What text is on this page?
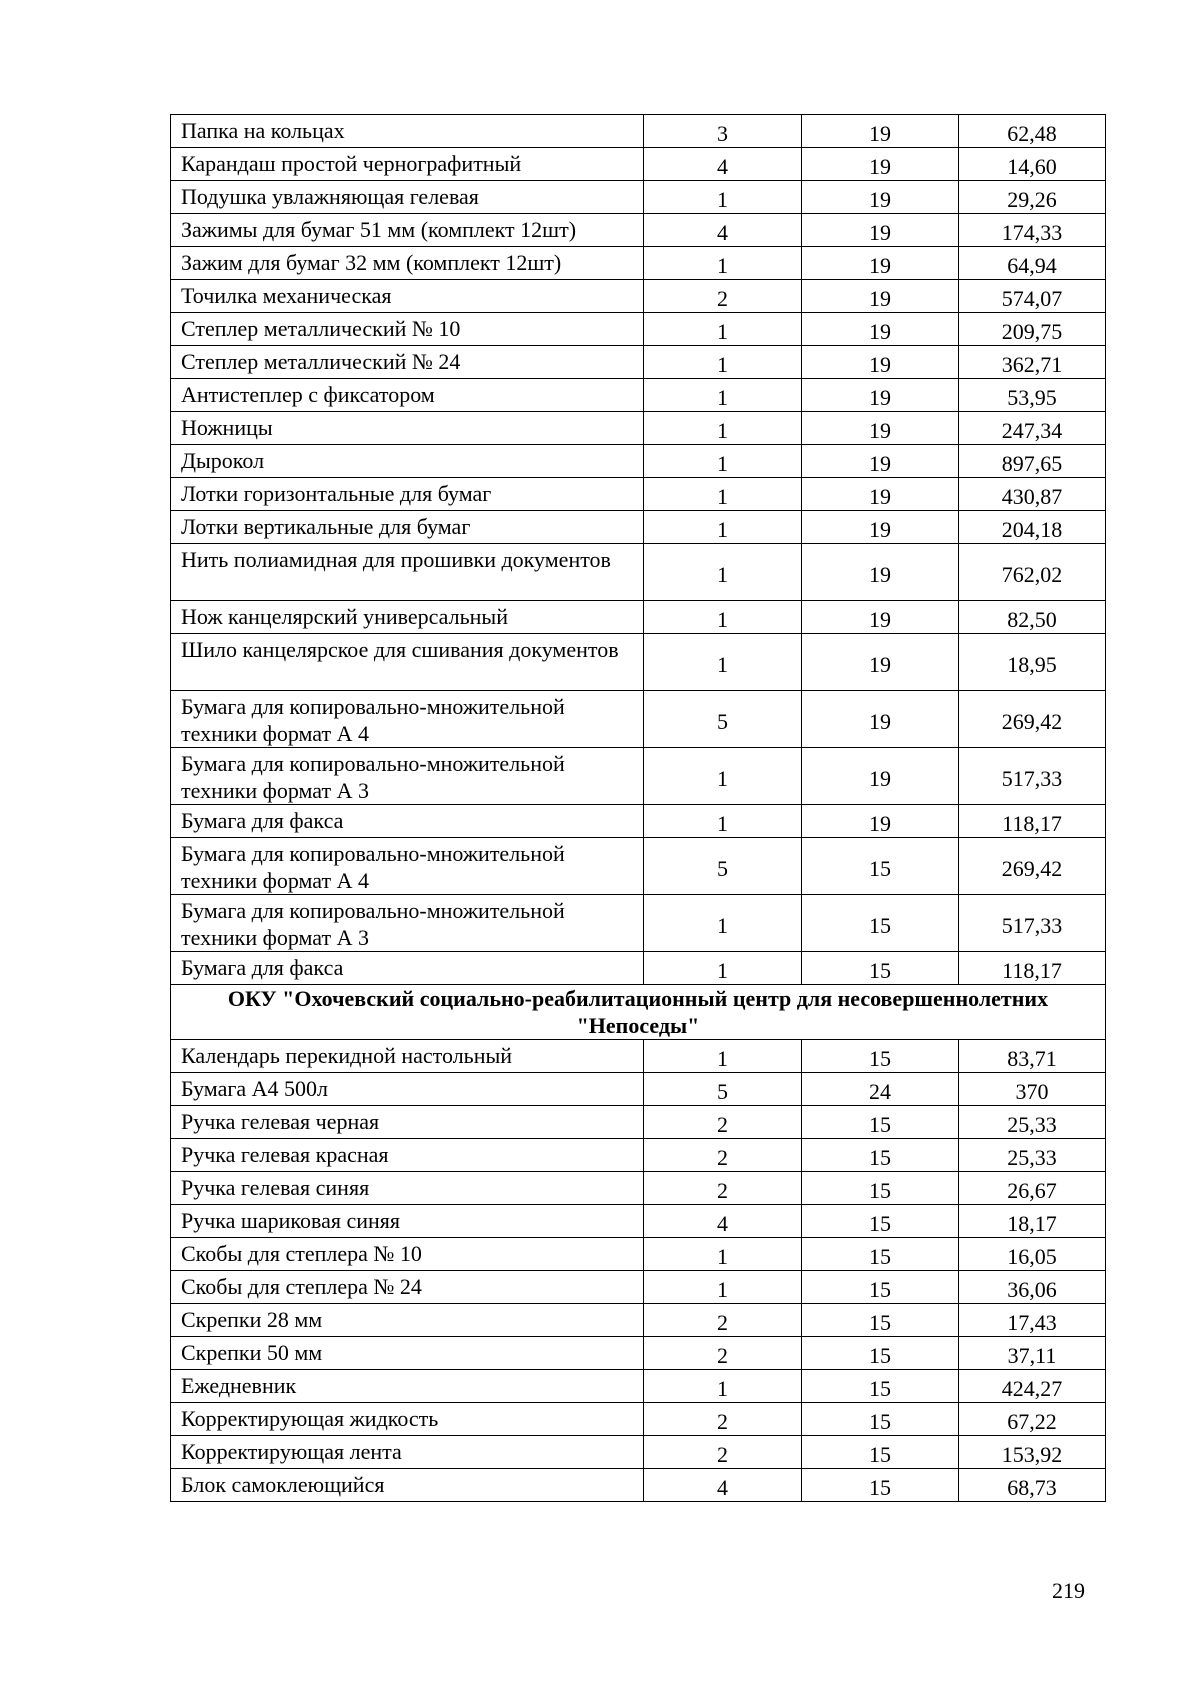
Папка на кольцах	3	19	62,48
Карандаш простой чернографитный	4	19	14,60
Подушка увлажняющая гелевая	1	19	29,26
Зажимы для бумаг 51 мм (комплект 12шт)	4	19	174,33
Зажим для бумаг 32 мм (комплект 12шт)	1	19	64,94
Точилка механическая	2	19	574,07
Степлер металлический № 10	1	19	209,75
Степлер металлический № 24	1	19	362,71
Антистеплер с фиксатором	1	19	53,95
Ножницы	1	19	247,34
Дырокол	1	19	897,65
Лотки горизонтальные для бумаг	1	19	430,87
Лотки вертикальные для бумаг	1	19	204,18
Нить полиамидная для прошивки документов	1	19	762,02
Нож канцелярский универсальный	1	19	82,50
Шило канцелярское для сшивания документов	1	19	18,95
Бумага для копировально-множительной техники формат А 4	5	19	269,42
Бумага для копировально-множительной техники формат А 3	1	19	517,33
Бумага для факса	1	19	118,17
Бумага для копировально-множительной техники формат А 4	5	15	269,42
Бумага для копировально-множительной техники формат А 3	1	15	517,33
Бумага для факса	1	15	118,17
ОКУ "Охочевский социально-реабилитационный центр для несовершеннолетних "Непоседы"			
Календарь перекидной настольный	1	15	83,71
Бумага А4 500л	5	24	370
Ручка гелевая черная	2	15	25,33
Ручка гелевая красная	2	15	25,33
Ручка гелевая синяя	2	15	26,67
Ручка шариковая синяя	4	15	18,17
Скобы для степлера № 10	1	15	16,05
Скобы для степлера № 24	1	15	36,06
Скрепки 28 мм	2	15	17,43
Скрепки 50 мм	2	15	37,11
Ежедневник	1	15	424,27
Корректирующая жидкость	2	15	67,22
Корректирующая лента	2	15	153,92
Блок самоклеющийся	4	15	68,73
219
